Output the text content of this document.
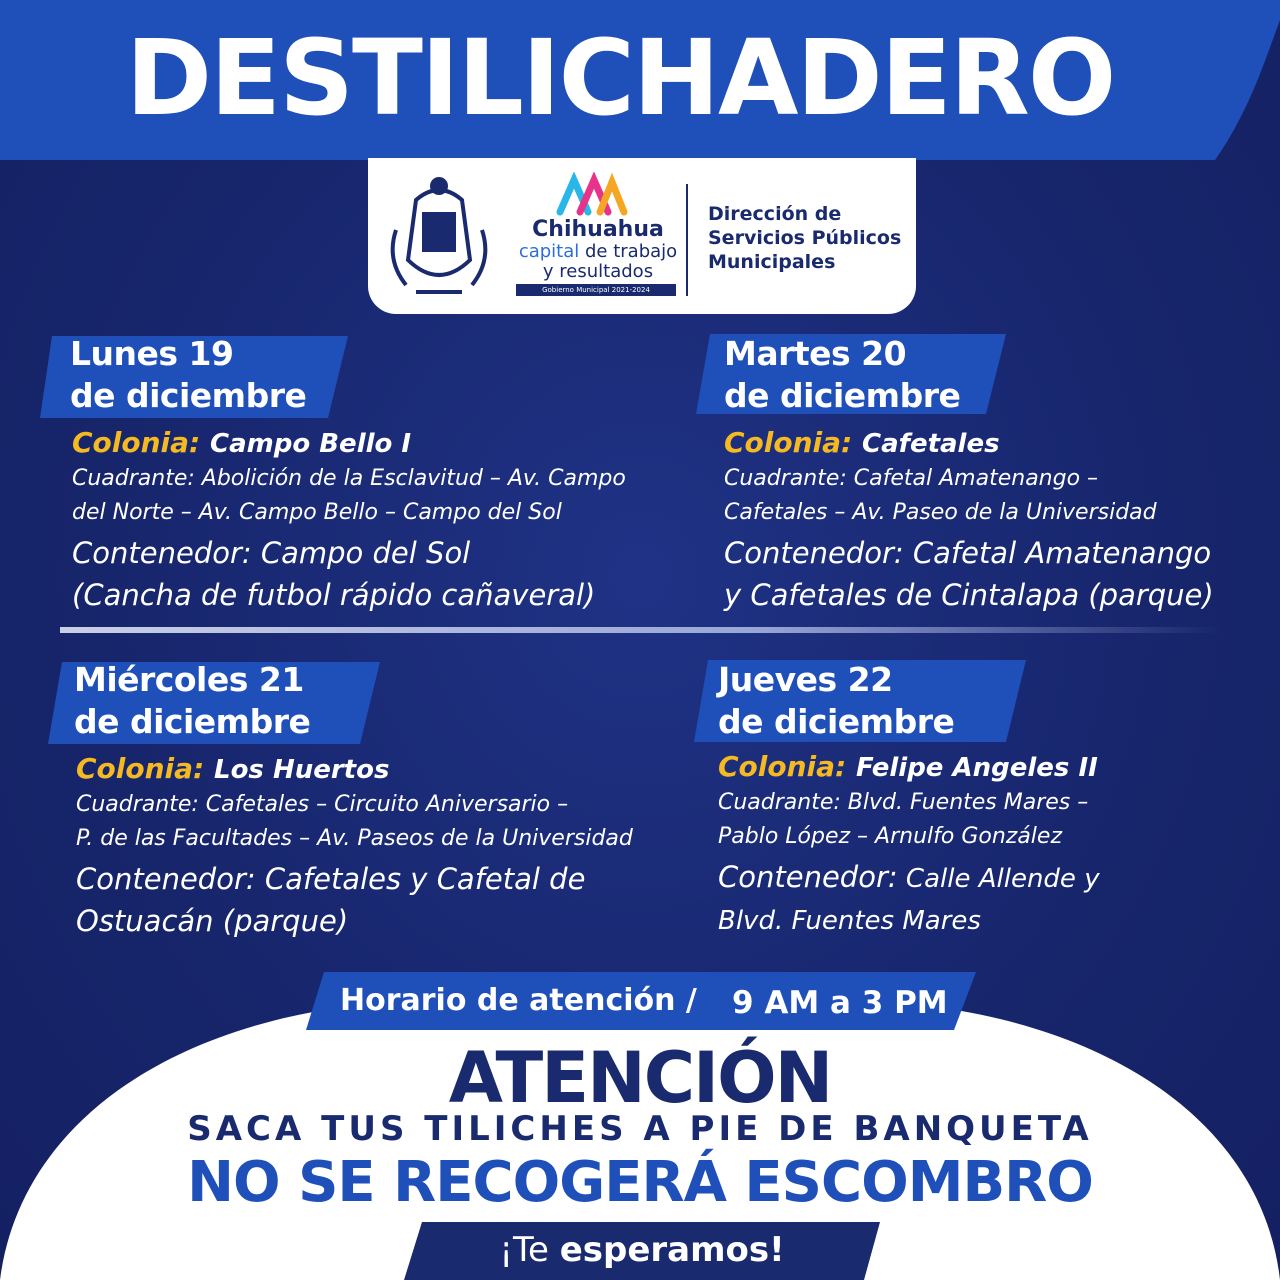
DESTILICHADERO
Chihuahua
capital de trabajo
y resultados
Gobierno Municipal 2021-2024
Dirección de
Servicios Públicos
Municipales
Lunes 19
de diciembre
Colonia: Campo Bello I
Cuadrante: Abolición de la Esclavitud – Av. Campo
del Norte – Av. Campo Bello – Campo del Sol
Contenedor: Campo del Sol
(Cancha de futbol rápido cañaveral)
Martes 20
de diciembre
Colonia: Cafetales
Cuadrante: Cafetal Amatenango –
Cafetales – Av. Paseo de la Universidad
Contenedor: Cafetal Amatenango
y Cafetales de Cintalapa (parque)
Miércoles 21
de diciembre
Colonia: Los Huertos
Cuadrante: Cafetales – Circuito Aniversario –
P. de las Facultades – Av. Paseos de la Universidad
Contenedor: Cafetales y Cafetal de
Ostuacán (parque)
Jueves 22
de diciembre
Colonia: Felipe Angeles II
Cuadrante: Blvd. Fuentes Mares –
Pablo López – Arnulfo González
Contenedor: Calle Allende y
Blvd. Fuentes Mares
Horario de atención / 9 AM a 3 PM
ATENCIÓN
SACA TUS TILICHES A PIE DE BANQUETA
NO SE RECOGERÁ ESCOMBRO
¡Te esperamos!
